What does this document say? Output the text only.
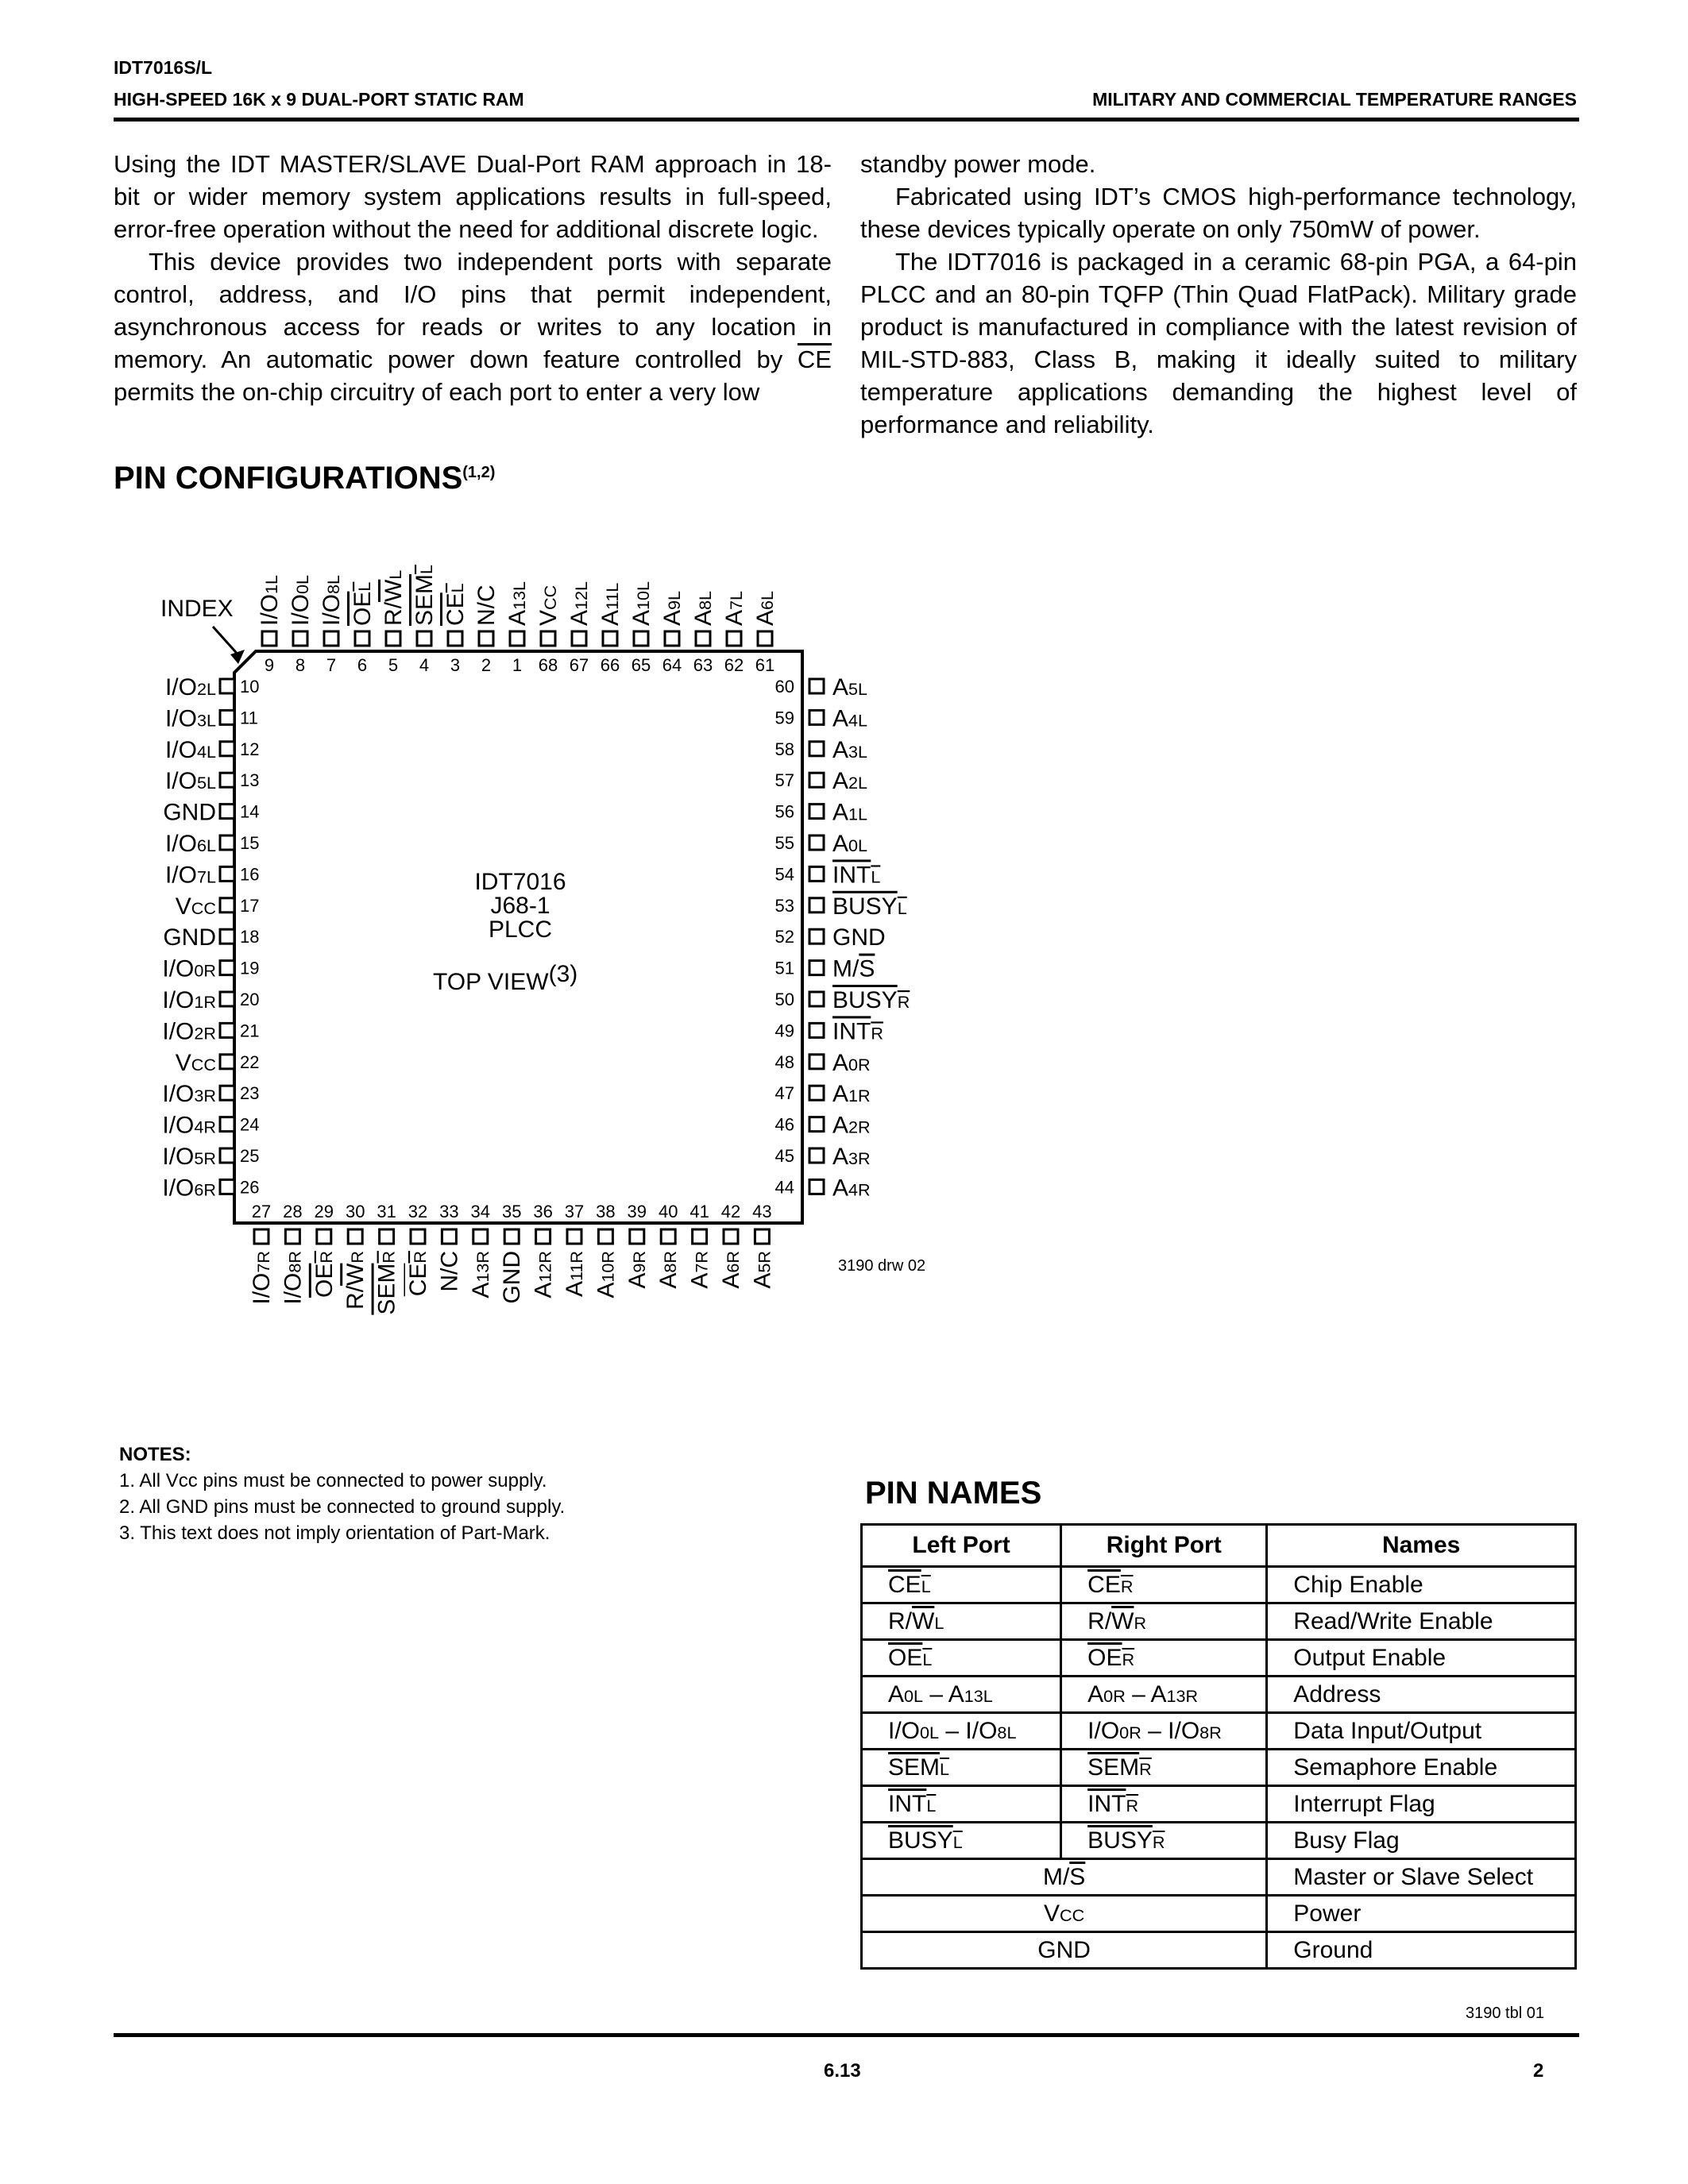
IDT7016S/L
HIGH-SPEED 16K x 9 DUAL-PORT STATIC RAM	MILITARY AND COMMERCIAL TEMPERATURE RANGES

Using the IDT MASTER/SLAVE Dual-Port RAM approach in 18-bit or wider memory system applications results in full-speed, error-free operation without the need for additional discrete logic.

This device provides two independent ports with separate control, address, and I/O pins that permit independent, asynchronous access for reads or writes to any location in memory. An automatic power down feature controlled by $\overline{CE}$ permits the on-chip circuitry of each port to enter a very low

standby power mode.

Fabricated using IDT’s CMOS high-performance technology, these devices typically operate on only 750mW of power.

The IDT7016 is packaged in a ceramic 68-pin PGA, a 64-pin PLCC and an 80-pin TQFP (Thin Quad FlatPack). Military grade product is manufactured in compliance with the latest revision of MIL-STD-883, Class B, making it ideally suited to military temperature applications demanding the highest level of performance and reliability.

PIN CONFIGURATIONS$^{(1,2)}$
INDEX
IDT7016
J68-1
PLCC
TOP VIEW(3)
3190 drw 02
9
I/O1L
8
I/O0L
7
I/O8L
6
OEL
5
R/WL
4
SEML
3
CEL
2
N/C
1
A13L
68
VCC
67
A12L
66
A11L
65
A10L
64
A9L
63
A8L
62
A7L
61
A6L
10
I/O2L
11
I/O3L
12
I/O4L
13
I/O5L
14
GND
15
I/O6L
16
I/O7L
17
VCC
18
GND
19
I/O0R
20
I/O1R
21
I/O2R
22
VCC
23
I/O3R
24
I/O4R
25
I/O5R
26
I/O6R
60 A5L
59 A4L
58 A3L
57 A2L
56 A1L
55 A0L
54 INTL
53 BUSYL
52 GND
51 M/S
50 BUSYR
49 INTR
48 A0R
47 A1R
46 A2R
45 A3R
44 A4R
27
I/O7R
28
I/O8R
29
OER
30
R/WR
31
SEMR
32
CER
33
N/C
34
A13R
35
GND
36
A12R
37
A11R
38
A10R
39
A9R
40
A8R
41
A7R
42
A6R
43
A5R
NOTES:
1. All Vcc pins must be connected to power supply.
2. All GND pins must be connected to ground supply.
3. This text does not imply orientation of Part-Mark.
PIN NAMES
Left Port	Right Port	Names
$\overline{CE}\overline{L}$	$\overline{CE}\overline{R}$	Chip Enable
$R/\overline{W}L$	$R/\overline{W}R$	Read/Write Enable
$\overline{OE}\overline{L}$	$\overline{OE}\overline{R}$	Output Enable
A0L – A13L	A0R – A13R	Address
I/O0L – I/O8L	I/O0R – I/O8R	Data Input/Output
$\overline{SEM}\overline{L}$	$\overline{SEM}\overline{R}$	Semaphore Enable
$\overline{INT}\overline{L}$	$\overline{INT}\overline{R}$	Interrupt Flag
$BUSY\overline{L}$	$BUSY\overline{R}$	Busy Flag
$M/\overline{S}$		Master or Slave Select
VCC		Power
GND		Ground
3190 tbl 01
6.13	2
